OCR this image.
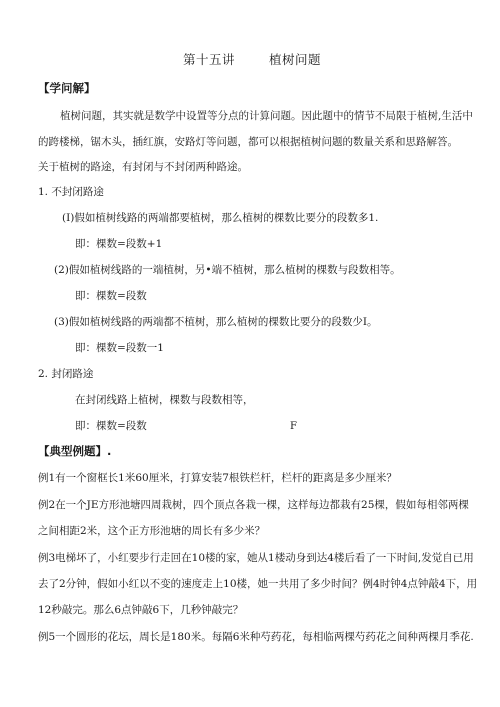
第十五讲	植树问题
【学问解】
植树问题，其实就是数学中设置等分点的计算问题。因此题中的情节不局限于植树,生活中
的跨楼梯，锯木头，插红旗，安路灯等问题，都可以根据植树问题的数量关系和思路解答。
关于植树的路途，有封闭与不封闭两种路途。
1. 不封闭路途
(I)假如植树线路的两端都要植树，那么植树的棵数比要分的段数多1.
即：棵数=段数+1
(2)假如植树线路的一端植树，另•端不植树，那么植树的棵数与段数相等。
即：棵数=段数
(3)假如植树线路的两端都不植树，那么植树的棵数比要分的段数少I。
即：棵数=段数一1
2. 封闭路途
在封闭线路上植树，棵数与段数相等，
即：棵数=段数	F
【典型例题】.
例1有一个窗框长1米60厘米，打算安装7根铁栏杆，栏杆的距离是多少厘米？
例2在一个JE方形池塘四周栽树，四个顶点各栽一棵，这样每边都栽有25棵，假如每相邻两棵
之间相距2米，这个正方形池塘的周长有多少米？
例3电梯坏了，小红要步行走回在10楼的家，她从1楼动身到达4楼后看了一下时间,发觉自已用
去了2分钟，假如小红以不变的速度走上10楼，她一共用了多少时间？例4时钟4点钟敲4下，用
12秒敲完。那么6点钟敲6下，几秒钟敲完？
例5一个圆形的花坛，周长是180米。每隔6米种芍药花，每相临两棵芍药花之间种两棵月季花.
